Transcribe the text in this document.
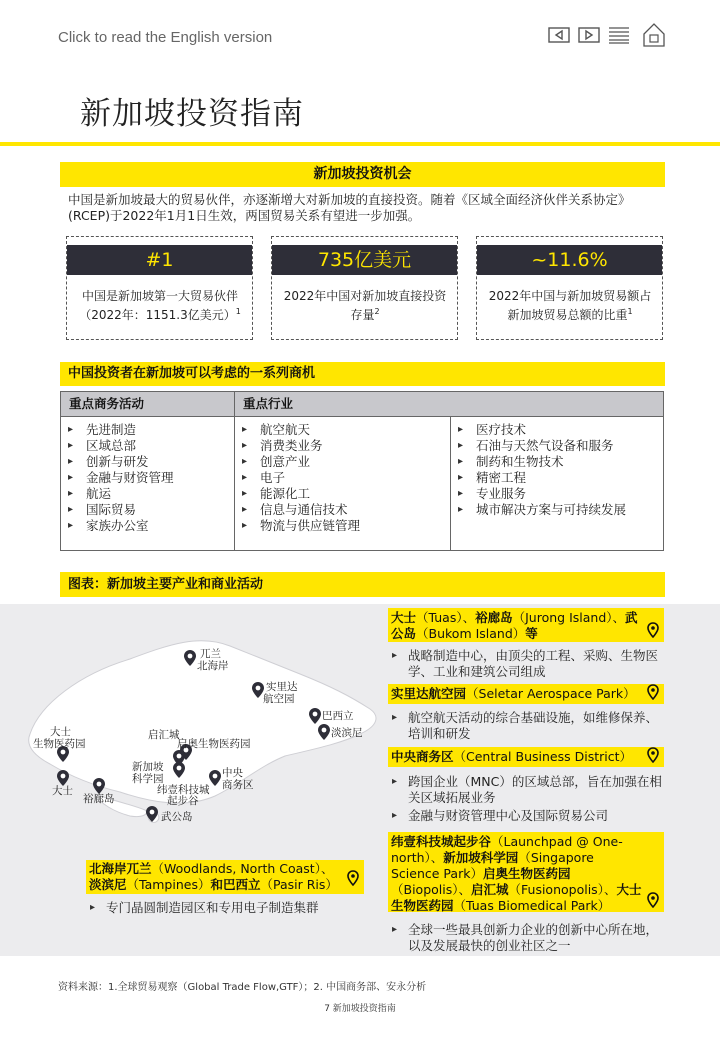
Click to read the English version
新加坡投资指南
新加坡投资机会

中国是新加坡最大的贸易伙伴，亦逐渐增大对新加坡的直接投资。随着《区域全面经济伙伴关系协定》(RCEP)于2022年1月1日生效，两国贸易关系有望进一步加强。

#1
中国是新加坡第一大贸易伙伴（2022年：1151.3亿美元）$^1$
735亿美元
2022年中国对新加坡直接投资存量$^2$
~11.6%
2022年中国与新加坡贸易额占新加坡贸易总额的比重$^1$
中国投资者在新加坡可以考虑的一系列商机
重点商务活动	重点行业
▸ 先进制造
▸ 区域总部
▸ 创新与研发
▸ 金融与财资管理
▸ 航运
▸ 国际贸易
▸ 家族办公室
▸ 航空航天
▸ 消费类业务
▸ 创意产业
▸ 电子
▸ 能源化工
▸ 信息与通信技术
▸ 物流与供应链管理
▸ 医疗技术
▸ 石油与天然气设备和服务
▸ 制药和生物技术
▸ 精密工程
▸ 专业服务
▸ 城市解决方案与可持续发展
图表：新加坡主要产业和商业活动
兀兰
北海岸
实里达
航空园
巴西立
淡滨尼
大士
生物医药园
大士
裕廊岛
武公岛
启汇城
启奥生物医药园
新加坡
科学园
纬壹科技城
起步谷
中央
商务区
大士（Tuas）、裕廊岛（Jurong Island）、武公岛（Bukom Island）等
▸ 战略制造中心，由顶尖的工程、采购、生物医学、工业和建筑公司组成
实里达航空园（Seletar Aerospace Park）
▸ 航空航天活动的综合基础设施，如维修保养、培训和研发
中央商务区（Central Business District）
▸ 跨国企业（MNC）的区域总部，旨在加强在相关区域拓展业务
▸ 金融与财资管理中心及国际贸易公司
纬壹科技城起步谷（Launchpad @ One-north）、新加坡科学园（Singapore Science Park）启奥生物医药园（Biopolis）、启汇城（Fusionopolis）、大士生物医药园（Tuas Biomedical Park）
▸ 全球一些最具创新力企业的创新中心所在地，以及发展最快的创业社区之一
北海岸兀兰（Woodlands, North Coast）、淡滨尼（Tampines）和巴西立（Pasir Ris）
▸ 专门晶圆制造园区和专用电子制造集群
资料来源：1.全球贸易观察（Global Trade Flow,GTF）；2. 中国商务部、安永分析
7 新加坡投资指南
